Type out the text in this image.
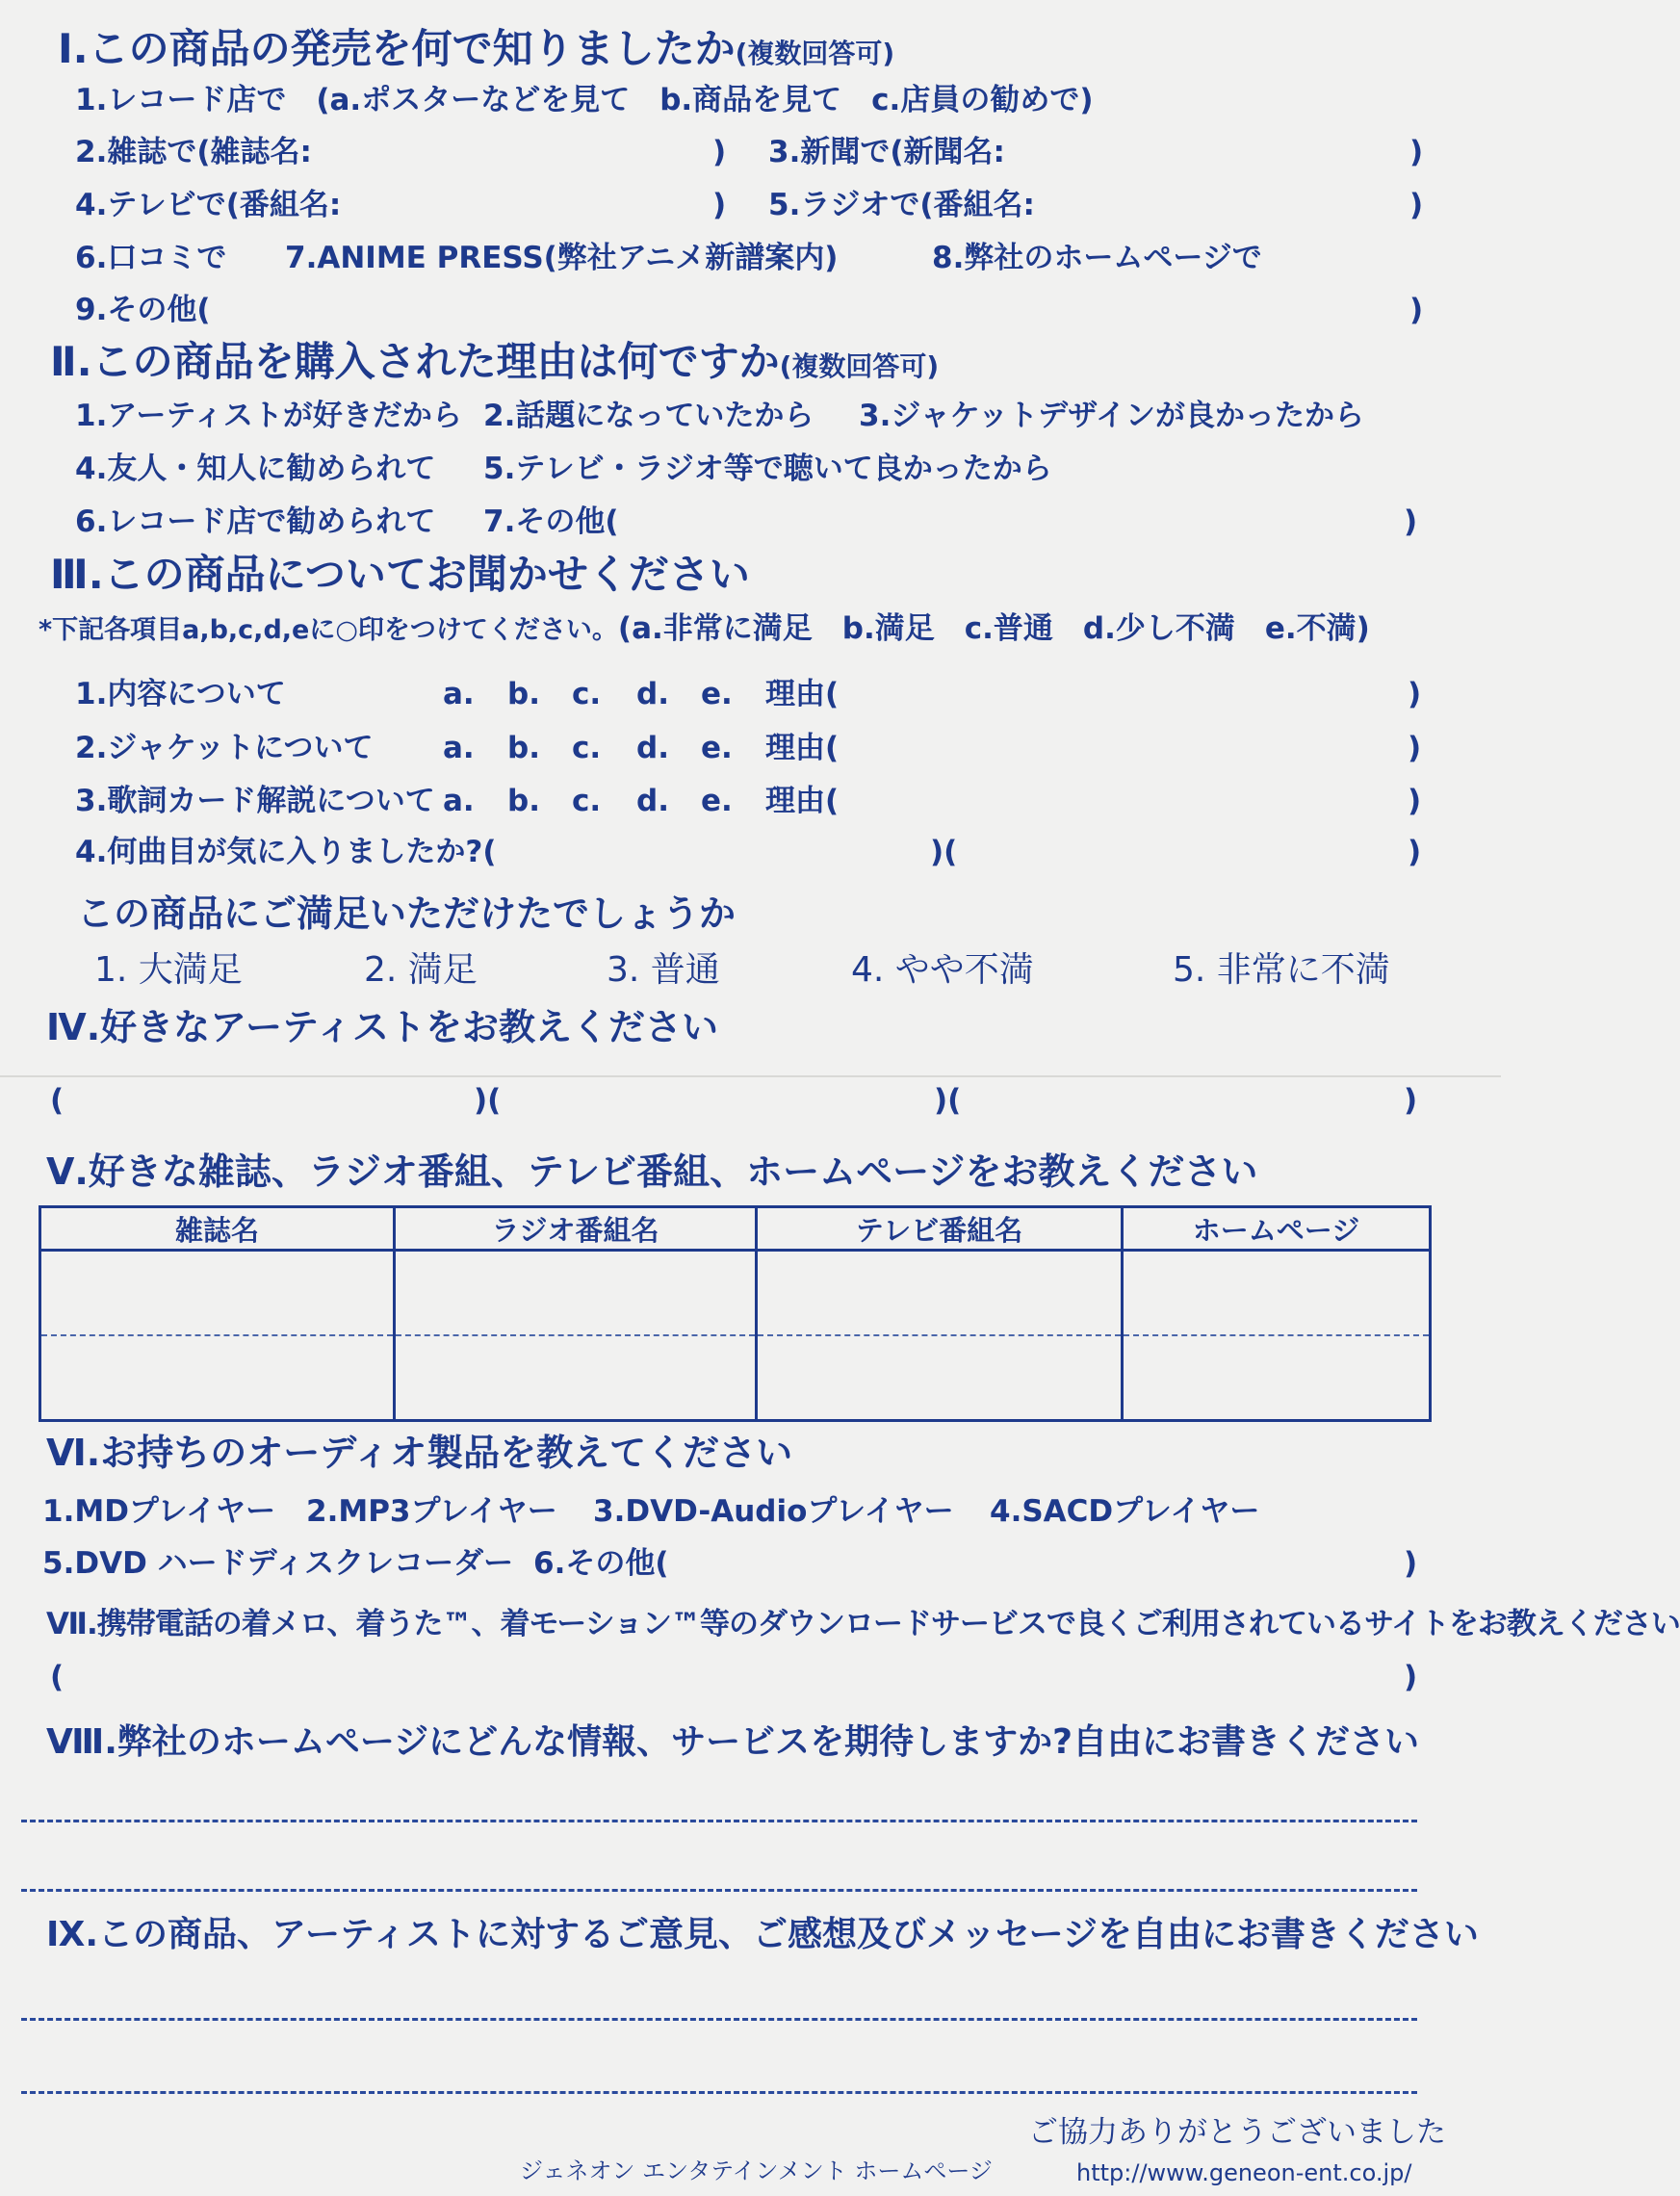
Ⅰ.この商品の発売を何で知りましたか(複数回答可)
1.レコード店で　(a.ポスターなどを見て　b.商品を見て　c.店員の勧めで)
2.雑誌で(雑誌名:	) 3.新聞で(新聞名:	)
4.テレビで(番組名:	) 5.ラジオで(番組名:	)
6.口コミで 7.ANIME PRESS(弊社アニメ新譜案内)	8.弊社のホームページで
9.その他(	)
Ⅱ.この商品を購入された理由は何ですか(複数回答可)
1.アーティストが好きだから 2.話題になっていたから 3.ジャケットデザインが良かったから
4.友人・知人に勧められて 5.テレビ・ラジオ等で聴いて良かったから
6.レコード店で勧められて 7.その他(	)
Ⅲ.この商品についてお聞かせください
*下記各項目a,b,c,d,eに○印をつけてください。(a.非常に満足　b.満足　c.普通　d.少し不満　e.不満)
1.内容について	a. b. c. d. e. 理由(	)
2.ジャケットについて a. b. c. d. e. 理由(	)
3.歌詞カード解説について a. b. c. d. e. 理由(	)
4.何曲目が気に入りましたか?(	)(	)
この商品にご満足いただけたでしょうか
1. 大満足	2. 満足	3. 普通	4. やや不満	5. 非常に不満
Ⅳ.好きなアーティストをお教えください
(	)(	)(	)
Ⅴ.好きな雑誌、ラジオ番組、テレビ番組、ホームページをお教えください
雑誌名	ラジオ番組名	テレビ番組名	ホームページ

Ⅵ.お持ちのオーディオ製品を教えてください
1.MDプレイヤー 2.MP3プレイヤー 3.DVD-Audioプレイヤー 4.SACDプレイヤー
5.DVD ハードディスクレコーダー 6.その他(	)
Ⅶ.携帯電話の着メロ、着うた™、着モーション™等のダウンロードサービスで良くご利用されているサイトをお教えください
(	)
Ⅷ.弊社のホームページにどんな情報、サービスを期待しますか?自由にお書きください
Ⅸ.この商品、アーティストに対するご意見、ご感想及びメッセージを自由にお書きください
ご協力ありがとうございました
ジェネオン エンタテインメント ホームページ	http://www.geneon-ent.co.jp/
